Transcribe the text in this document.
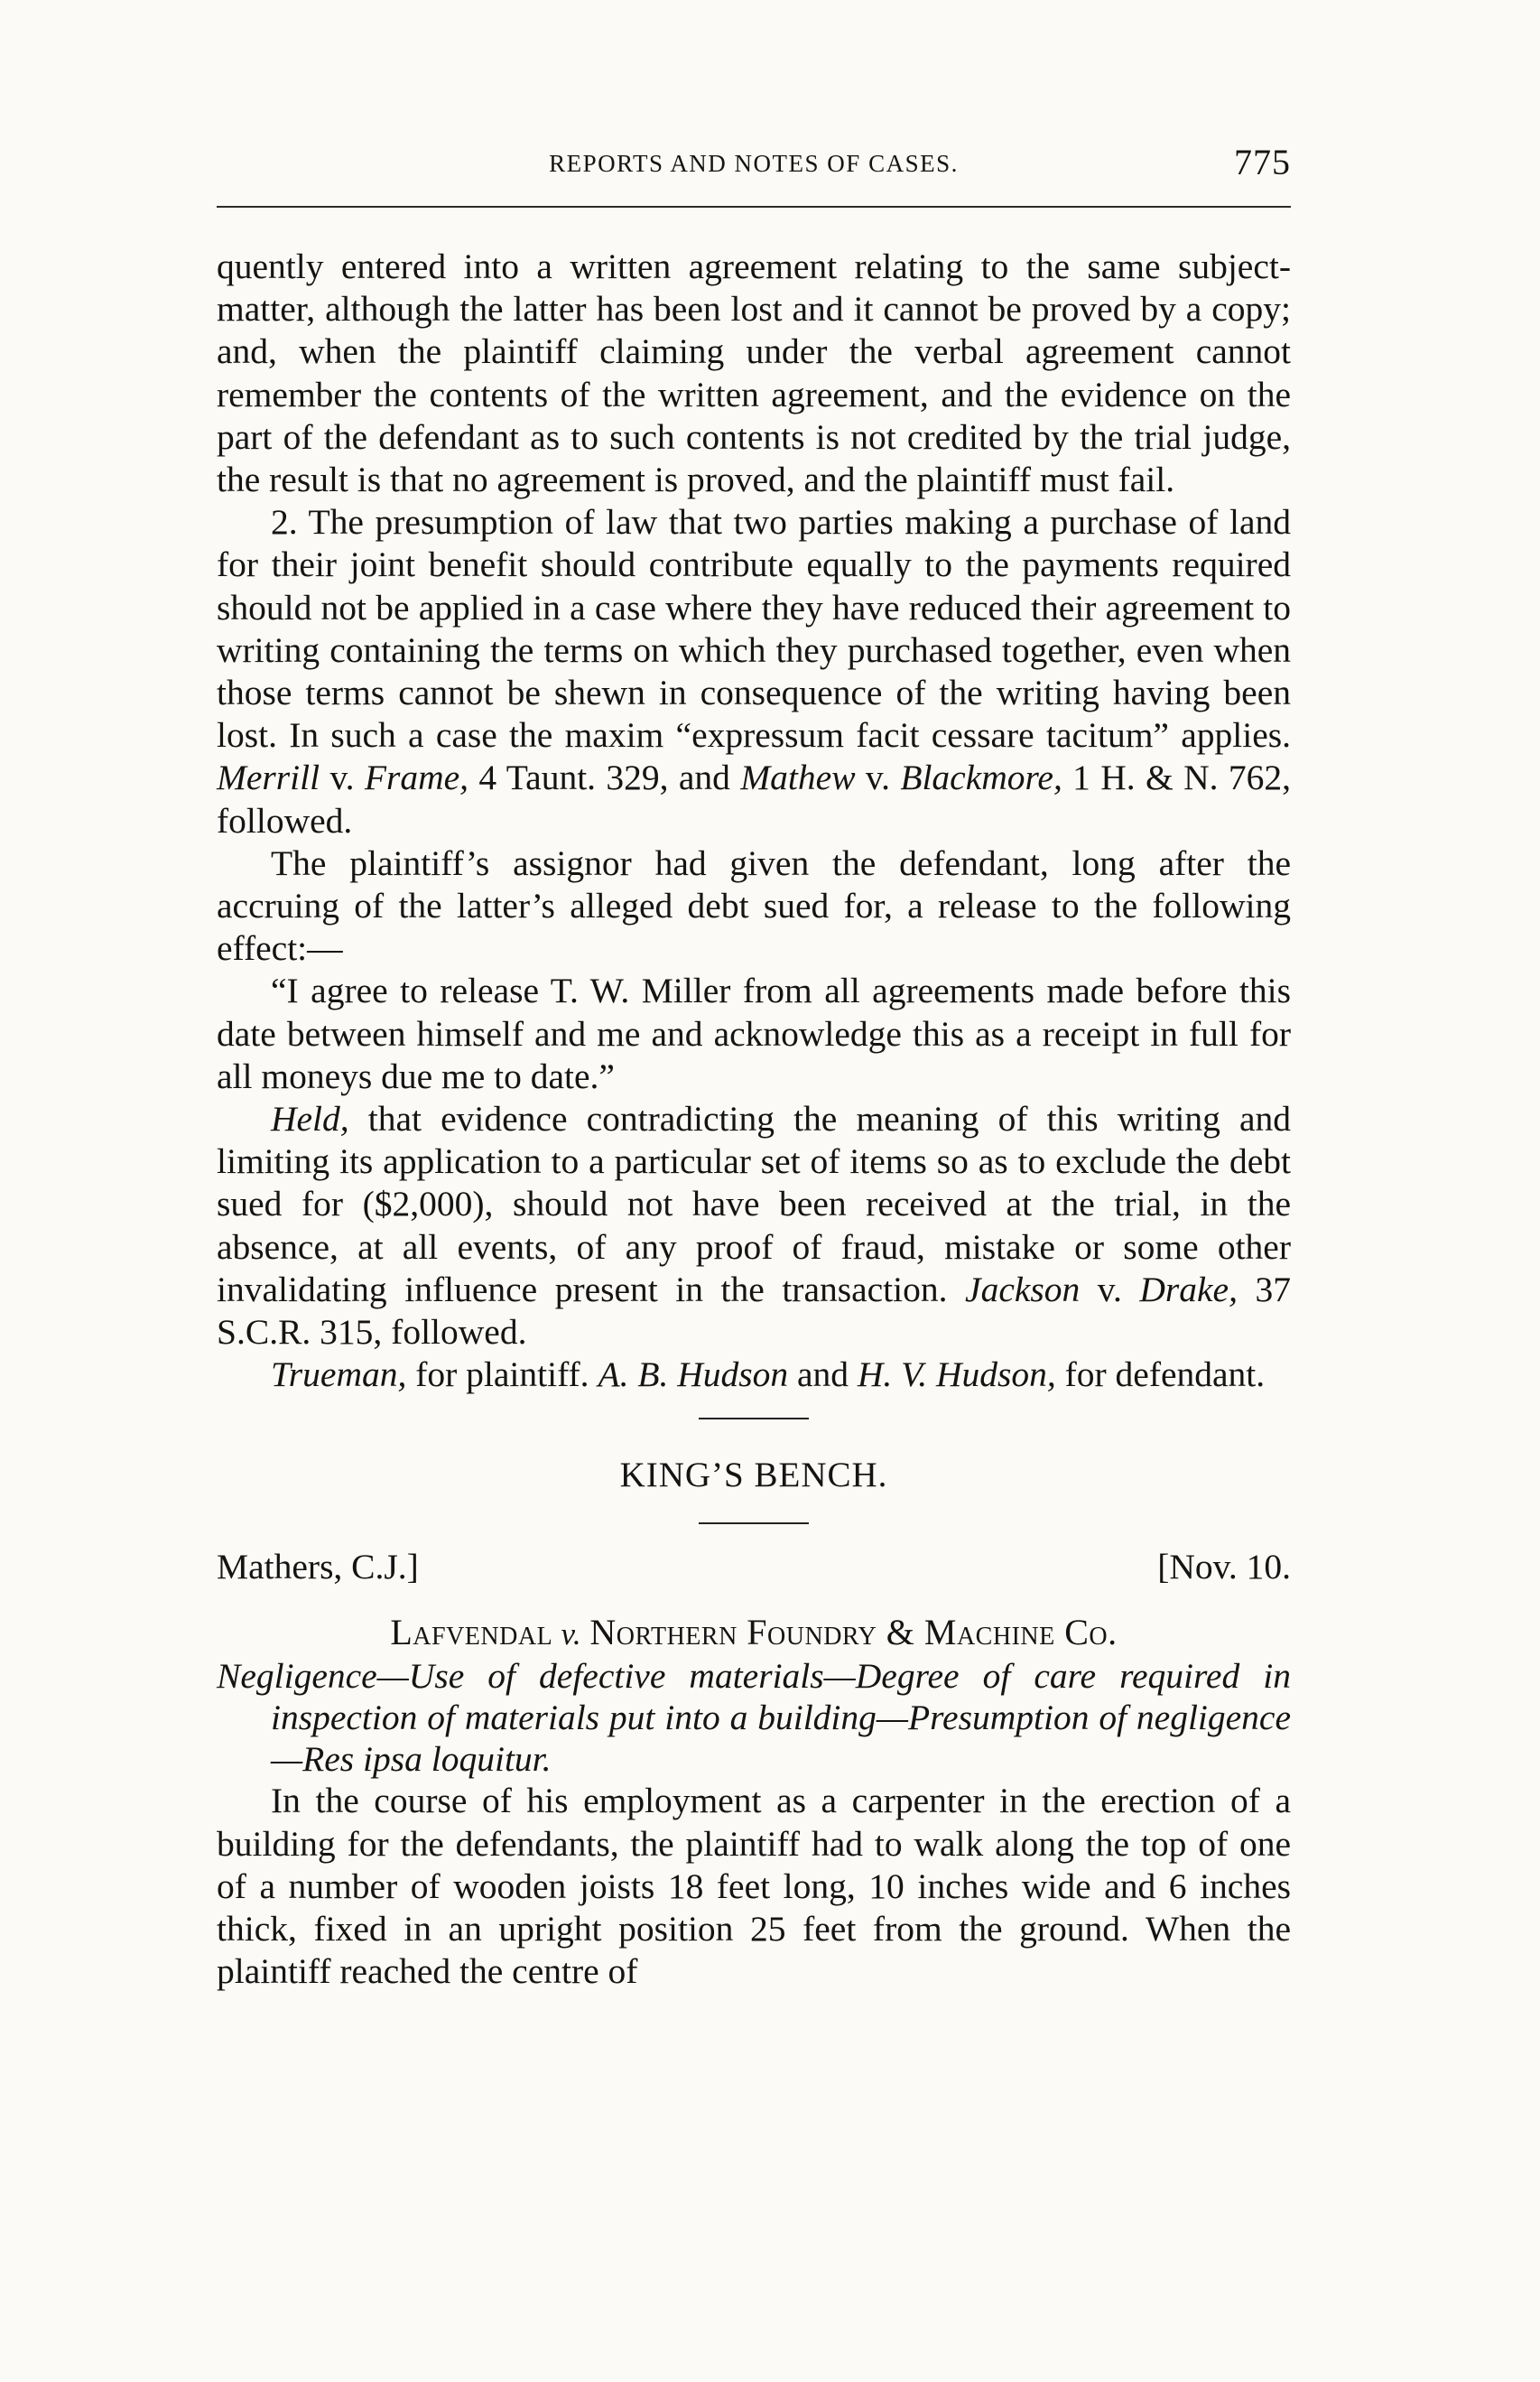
REPORTS AND NOTES OF CASES.	775

quently entered into a written agreement relating to the same subject-matter, although the latter has been lost and it cannot be proved by a copy; and, when the plaintiff claiming under the verbal agreement cannot remember the contents of the written agreement, and the evidence on the part of the defendant as to such contents is not credited by the trial judge, the result is that no agreement is proved, and the plaintiff must fail.

2. The presumption of law that two parties making a purchase of land for their joint benefit should contribute equally to the payments required should not be applied in a case where they have reduced their agreement to writing containing the terms on which they purchased together, even when those terms cannot be shewn in consequence of the writing having been lost. In such a case the maxim “expressum facit cessare tacitum” applies. Merrill v. Frame, 4 Taunt. 329, and Mathew v. Blackmore, 1 H. & N. 762, followed.

The plaintiff’s assignor had given the defendant, long after the accruing of the latter’s alleged debt sued for, a release to the following effect:—

“I agree to release T. W. Miller from all agreements made before this date between himself and me and acknowledge this as a receipt in full for all moneys due me to date.”

Held, that evidence contradicting the meaning of this writing and limiting its application to a particular set of items so as to exclude the debt sued for ($2,000), should not have been received at the trial, in the absence, at all events, of any proof of fraud, mistake or some other invalidating influence present in the transaction. Jackson v. Drake, 37 S.C.R. 315, followed.

Trueman, for plaintiff. A. B. Hudson and H. V. Hudson, for defendant.

KING’S BENCH.
Mathers, C.J.]	[Nov. 10.
Lafvendal v. Northern Foundry & Machine Co.

Negligence—Use of defective materials—Degree of care required in inspection of materials put into a building—Presumption of negligence—Res ipsa loquitur.

In the course of his employment as a carpenter in the erection of a building for the defendants, the plaintiff had to walk along the top of one of a number of wooden joists 18 feet long, 10 inches wide and 6 inches thick, fixed in an upright position 25 feet from the ground. When the plaintiff reached the centre of
